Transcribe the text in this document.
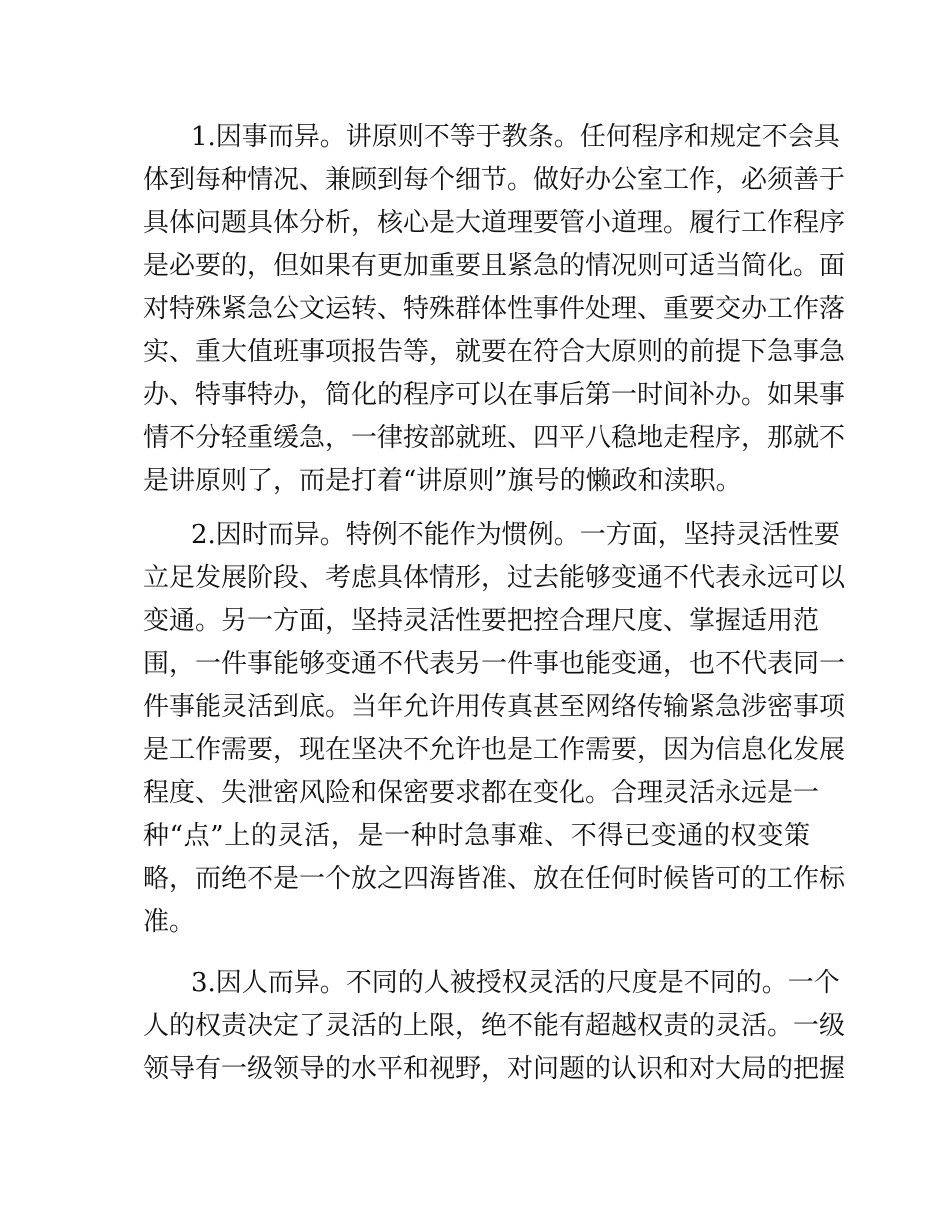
1.因事而异。讲原则不等于教条。任何程序和规定不会具
体到每种情况、兼顾到每个细节。做好办公室工作，必须善于
具体问题具体分析，核心是大道理要管小道理。履行工作程序
是必要的，但如果有更加重要且紧急的情况则可适当简化。面
对特殊紧急公文运转、特殊群体性事件处理、重要交办工作落
实、重大值班事项报告等，就要在符合大原则的前提下急事急
办、特事特办，简化的程序可以在事后第一时间补办。如果事
情不分轻重缓急，一律按部就班、四平八稳地走程序，那就不
是讲原则了，而是打着“讲原则”旗号的懒政和渎职。
2.因时而异。特例不能作为惯例。一方面，坚持灵活性要
立足发展阶段、考虑具体情形，过去能够变通不代表永远可以
变通。另一方面，坚持灵活性要把控合理尺度、掌握适用范
围，一件事能够变通不代表另一件事也能变通，也不代表同一
件事能灵活到底。当年允许用传真甚至网络传输紧急涉密事项
是工作需要，现在坚决不允许也是工作需要，因为信息化发展
程度、失泄密风险和保密要求都在变化。合理灵活永远是一
种“点”上的灵活，是一种时急事难、不得已变通的权变策
略，而绝不是一个放之四海皆准、放在任何时候皆可的工作标
准。
3.因人而异。不同的人被授权灵活的尺度是不同的。一个
人的权责决定了灵活的上限，绝不能有超越权责的灵活。一级
领导有一级领导的水平和视野，对问题的认识和对大局的把握
